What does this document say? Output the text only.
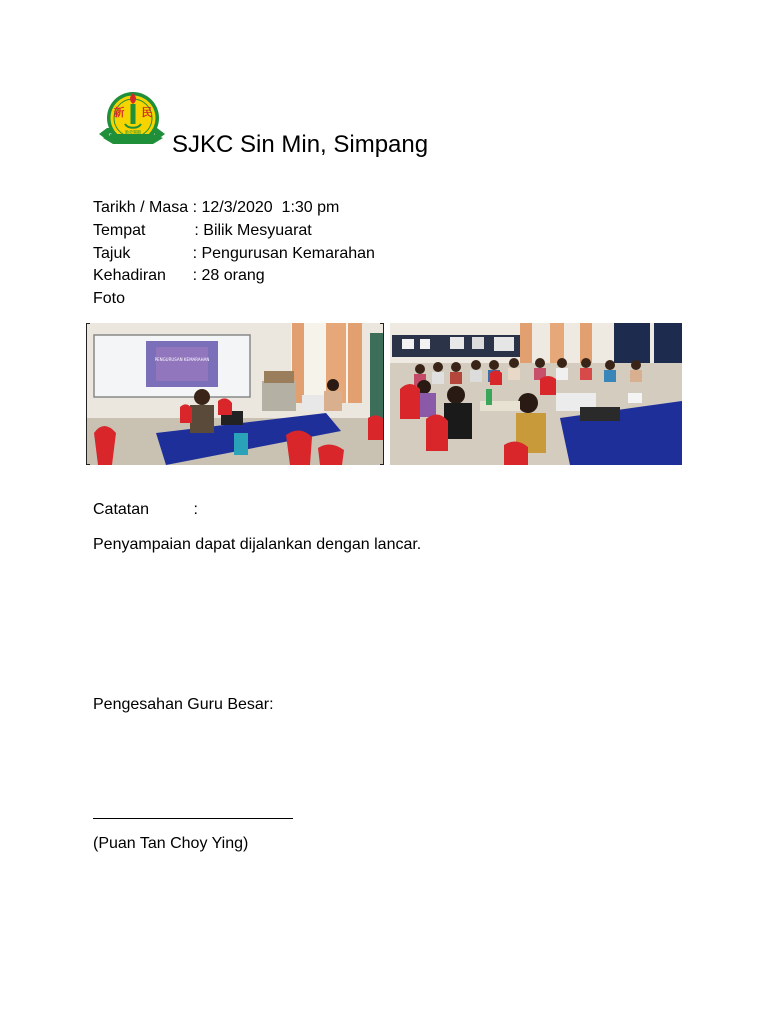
新 民
勤勞樂觀 SJKC Sin Min, Simpang
Tarikh / Masa : 12/3/2020  1:30 pm
Tempat           : Bilik Mesyuarat
Tajuk              : Pengurusan Kemarahan
Kehadiran      : 28 orang
Foto
PENGURUSAN KEMARAHAN
Catatan          :
Penyampaian dapat dijalankan dengan lancar.
Pengesahan Guru Besar:
(Puan Tan Choy Ying)
